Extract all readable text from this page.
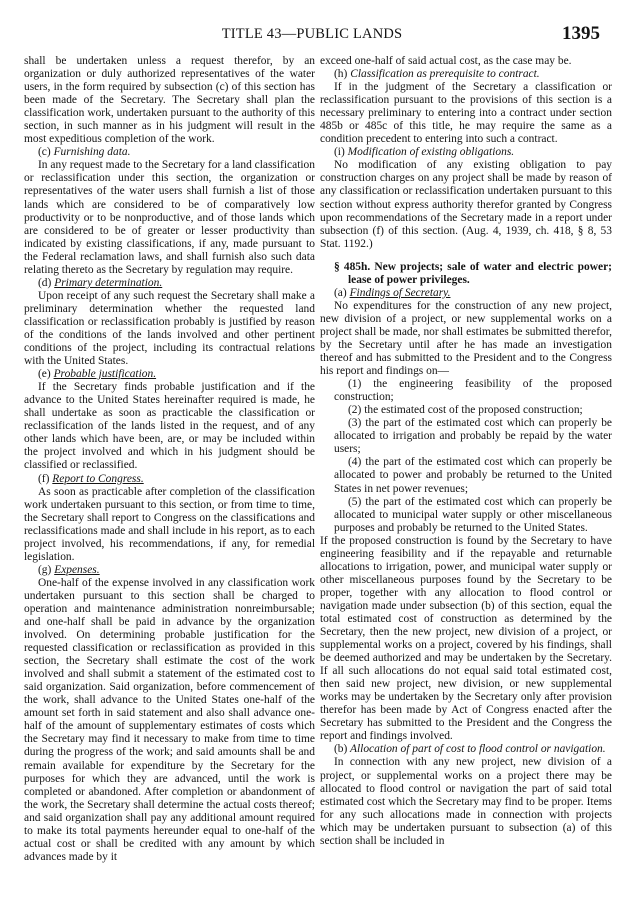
TITLE 43—PUBLIC LANDS	1395

shall be undertaken unless a request therefor, by an organization or duly authorized representatives of the water users, in the form required by subsection (c) of this section has been made of the Secretary. The Secretary shall plan the classification work, undertaken pursuant to the authority of this section, in such manner as in his judgment will result in the most expeditious completion of the work.

(c) Furnishing data.

In any request made to the Secretary for a land classification or reclassification under this section, the organization or representatives of the water users shall furnish a list of those lands which are considered to be of comparatively low productivity or to be nonproductive, and of those lands which are considered to be of greater or lesser productivity than indicated by existing classifications, if any, made pursuant to the Federal reclamation laws, and shall furnish also such data relating thereto as the Secretary by regulation may require.

(d) Primary determination.

Upon receipt of any such request the Secretary shall make a preliminary determination whether the requested land classification or reclassification probably is justified by reason of the conditions of the lands involved and other pertinent conditions of the project, including its contractual relations with the United States.

(e) Probable justification.

If the Secretary finds probable justification and if the advance to the United States hereinafter required is made, he shall undertake as soon as practicable the classification or reclassification of the lands listed in the request, and of any other lands which have been, are, or may be included within the project involved and which in his judgment should be classified or reclassified.

(f) Report to Congress.

As soon as practicable after completion of the classification work undertaken pursuant to this section, or from time to time, the Secretary shall report to Congress on the classifications and reclassifications made and shall include in his report, as to each project involved, his recommendations, if any, for remedial legislation.

(g) Expenses.

One-half of the expense involved in any classification work undertaken pursuant to this section shall be charged to operation and maintenance administration nonreimbursable; and one-half shall be paid in advance by the organization involved. On determining probable justification for the requested classification or reclassification as provided in this section, the Secretary shall estimate the cost of the work involved and shall submit a statement of the estimated cost to said organization. Said organization, before commencement of the work, shall advance to the United States one-half of the amount set forth in said statement and also shall advance one-half of the amount of supplementary estimates of costs which the Secretary may find it necessary to make from time to time during the progress of the work; and said amounts shall be and remain available for expenditure by the Secretary for the purposes for which they are advanced, until the work is completed or abandoned. After completion or abandonment of the work, the Secretary shall determine the actual costs thereof; and said organization shall pay any additional amount required to make its total payments hereunder equal to one-half of the actual cost or shall be credited with any amount by which advances made by it

exceed one-half of said actual cost, as the case may be.

(h) Classification as prerequisite to contract.

If in the judgment of the Secretary a classification or reclassification pursuant to the provisions of this section is a necessary preliminary to entering into a contract under section 485b or 485c of this title, he may require the same as a condition precedent to entering into such a contract.

(i) Modification of existing obligations.

No modification of any existing obligation to pay construction charges on any project shall be made by reason of any classification or reclassification undertaken pursuant to this section without express authority therefor granted by Congress upon recommendations of the Secretary made in a report under subsection (f) of this section. (Aug. 4, 1939, ch. 418, § 8, 53 Stat. 1192.)

§ 485h. New projects; sale of water and electric power; lease of power privileges.

(a) Findings of Secretary.

No expenditures for the construction of any new project, new division of a project, or new supplemental works on a project shall be made, nor shall estimates be submitted therefor, by the Secretary until after he has made an investigation thereof and has submitted to the President and to the Congress his report and findings on—

(1) the engineering feasibility of the proposed construction;

(2) the estimated cost of the proposed construction;

(3) the part of the estimated cost which can properly be allocated to irrigation and probably be repaid by the water users;

(4) the part of the estimated cost which can properly be allocated to power and probably be returned to the United States in net power revenues;

(5) the part of the estimated cost which can properly be allocated to municipal water supply or other miscellaneous purposes and probably be returned to the United States.

If the proposed construction is found by the Secretary to have engineering feasibility and if the repayable and returnable allocations to irrigation, power, and municipal water supply or other miscellaneous purposes found by the Secretary to be proper, together with any allocation to flood control or navigation made under subsection (b) of this section, equal the total estimated cost of construction as determined by the Secretary, then the new project, new division of a project, or supplemental works on a project, covered by his findings, shall be deemed authorized and may be undertaken by the Secretary. If all such allocations do not equal said total estimated cost, then said new project, new division, or new supplemental works may be undertaken by the Secretary only after provision therefor has been made by Act of Congress enacted after the Secretary has submitted to the President and the Congress the report and findings involved.

(b) Allocation of part of cost to flood control or navigation.

In connection with any new project, new division of a project, or supplemental works on a project there may be allocated to flood control or navigation the part of said total estimated cost which the Secretary may find to be proper. Items for any such allocations made in connection with projects which may be undertaken pursuant to subsection (a) of this section shall be included in
